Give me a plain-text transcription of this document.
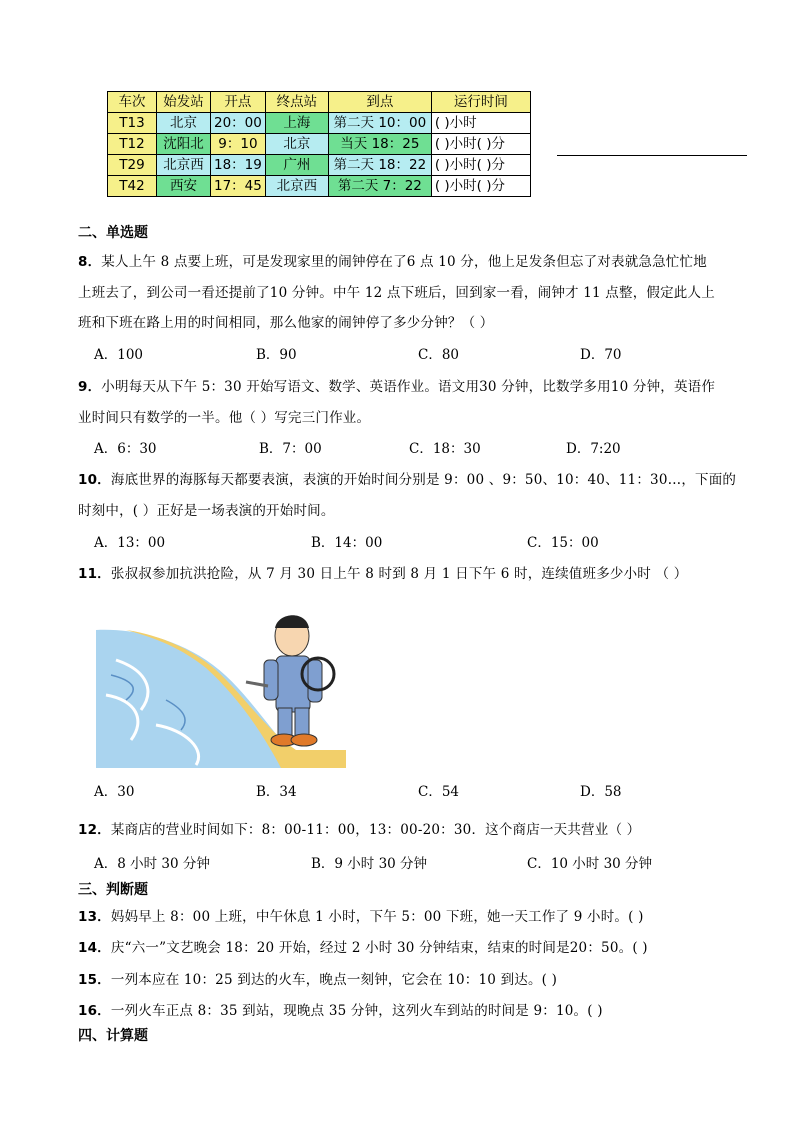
车次	始发站	开点	终点站	到点	运行时间
T13	北京	20：00	上海	第二天 10：00	( )小时
T12	沈阳北	9：10	北京	当天 18：25	( )小时( )分
T29	北京西	18：19	广州	第二天 18：22	( )小时( )分
T42	西安	17：45	北京西	第二天 7：22	( )小时( )分
二、单选题
8．某人上午 8 点要上班，可是发现家里的闹钟停在了6 点 10 分，他上足发条但忘了对表就急急忙忙地
上班去了，到公司一看还提前了10 分钟。中午 12 点下班后，回到家一看，闹钟才 11 点整，假定此人上
班和下班在路上用的时间相同，那么他家的闹钟停了多少分钟？（ ）
A．100	B．90	C．80	D．70
9．小明每天从下午 5：30 开始写语文、数学、英语作业。语文用30 分钟，比数学多用10 分钟，英语作
业时间只有数学的一半。他（ ）写完三门作业。
A．6：30	B．7：00	C．18：30	D．7:20
10．海底世界的海豚每天都要表演，表演的开始时间分别是 9：00 、9：50、10：40、11：30…，下面的
时刻中，( ）正好是一场表演的开始时间。
A．13：00	B．14：00	C．15：00
11．张叔叔参加抗洪抢险，从 7 月 30 日上午 8 时到 8 月 1 日下午 6 时，连续值班多少小时 （ ）
A．30	B．34	C．54	D．58
12．某商店的营业时间如下：8：00-11：00，13：00-20：30．这个商店一天共营业（ ）
A．8 小时 30 分钟	B．9 小时 30 分钟	C．10 小时 30 分钟
三、判断题
13．妈妈早上 8：00 上班，中午休息 1 小时，下午 5：00 下班，她一天工作了 9 小时。( )
14．庆“六一”文艺晚会 18：20 开始，经过 2 小时 30 分钟结束，结束的时间是20：50。( )
15．一列本应在 10：25 到达的火车，晚点一刻钟，它会在 10：10 到达。( )
16．一列火车正点 8：35 到站，现晚点 35 分钟，这列火车到站的时间是 9：10。( )
四、计算题
